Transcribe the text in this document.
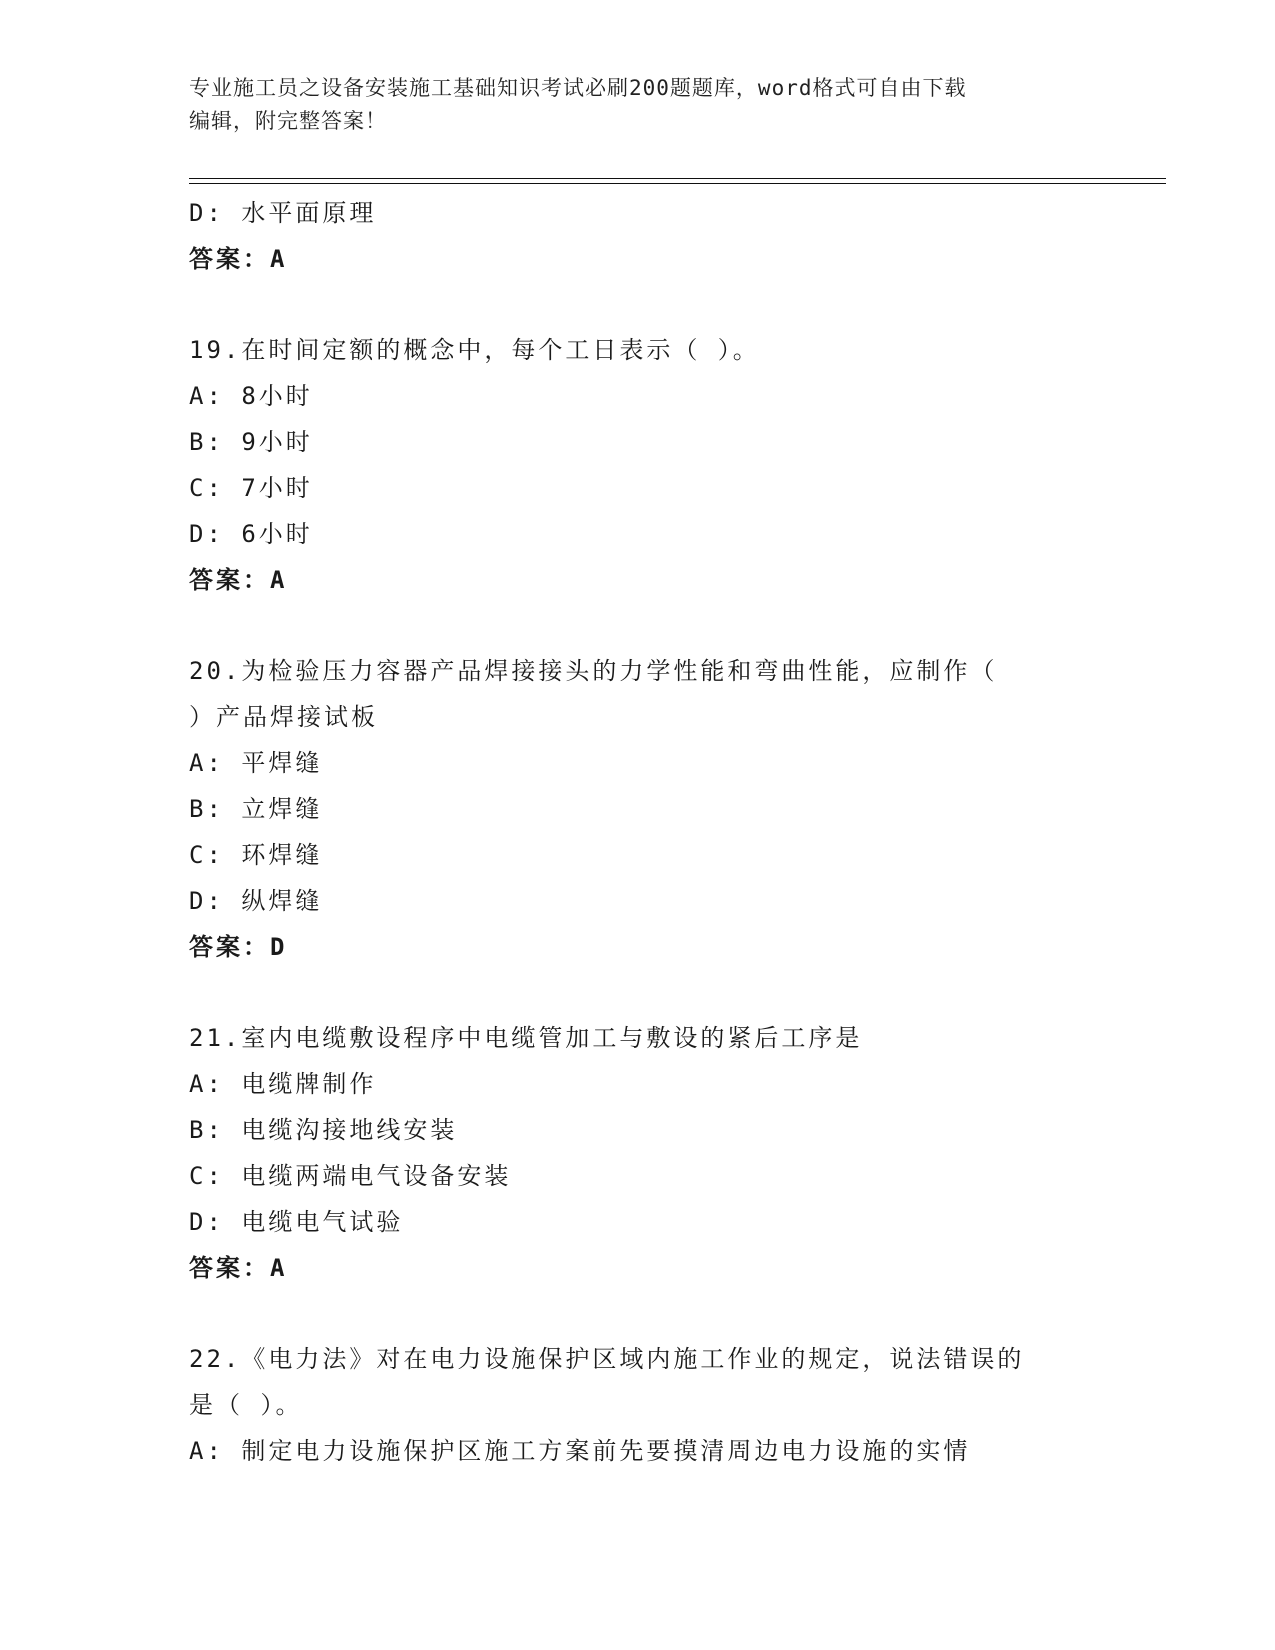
专业施工员之设备安装施工基础知识考试必刷200题题库，word格式可自由下载
编辑，附完整答案！
D: 水平面原理
答案：A
19.在时间定额的概念中，每个工日表示（ ）。
A: 8小时
B: 9小时
C: 7小时
D: 6小时
答案：A
20.为检验压力容器产品焊接接头的力学性能和弯曲性能，应制作（
）产品焊接试板
A: 平焊缝
B: 立焊缝
C: 环焊缝
D: 纵焊缝
答案：D
21.室内电缆敷设程序中电缆管加工与敷设的紧后工序是
A: 电缆牌制作
B: 电缆沟接地线安装
C: 电缆两端电气设备安装
D: 电缆电气试验
答案：A
22.《电力法》对在电力设施保护区域内施工作业的规定，说法错误的
是（ ）。
A: 制定电力设施保护区施工方案前先要摸清周边电力设施的实情
